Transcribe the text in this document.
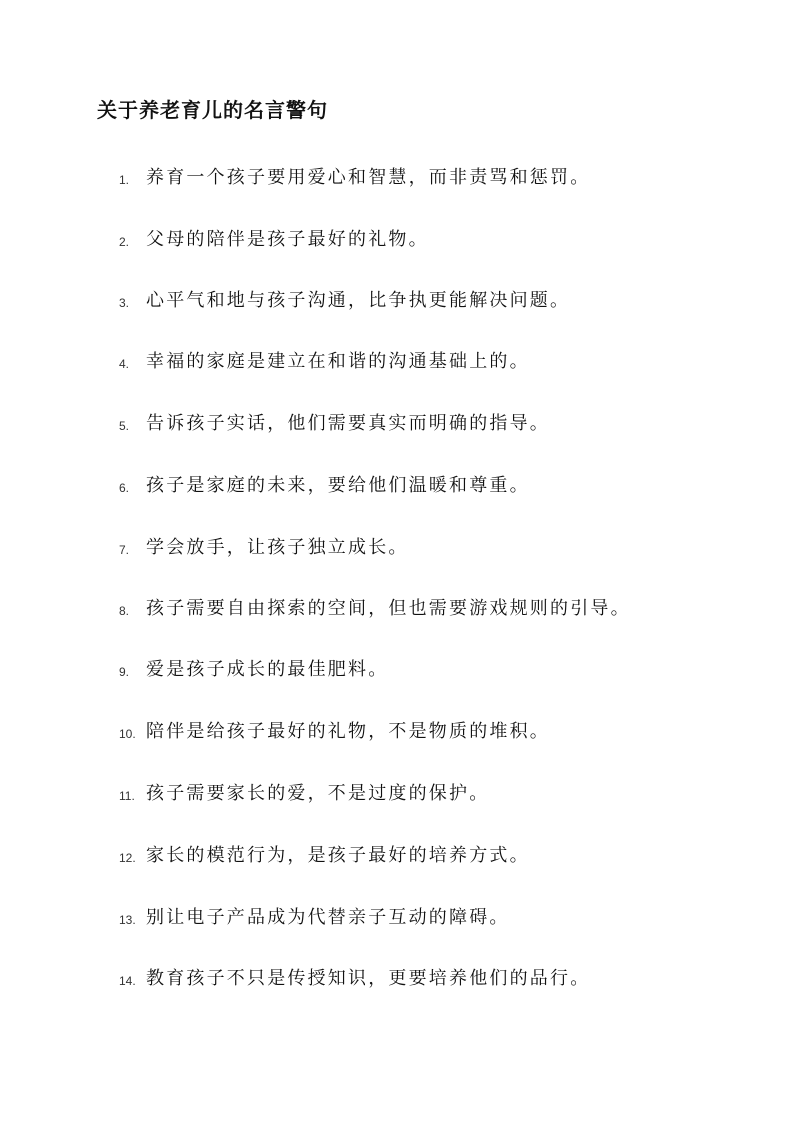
关于养老育儿的名言警句
1. 养育一个孩子要用爱心和智慧，而非责骂和惩罚。
2. 父母的陪伴是孩子最好的礼物。
3. 心平气和地与孩子沟通，比争执更能解决问题。
4. 幸福的家庭是建立在和谐的沟通基础上的。
5. 告诉孩子实话，他们需要真实而明确的指导。
6. 孩子是家庭的未来，要给他们温暖和尊重。
7. 学会放手，让孩子独立成长。
8. 孩子需要自由探索的空间，但也需要游戏规则的引导。
9. 爱是孩子成长的最佳肥料。
10. 陪伴是给孩子最好的礼物，不是物质的堆积。
11. 孩子需要家长的爱，不是过度的保护。
12. 家长的模范行为，是孩子最好的培养方式。
13. 别让电子产品成为代替亲子互动的障碍。
14. 教育孩子不只是传授知识，更要培养他们的品行。
